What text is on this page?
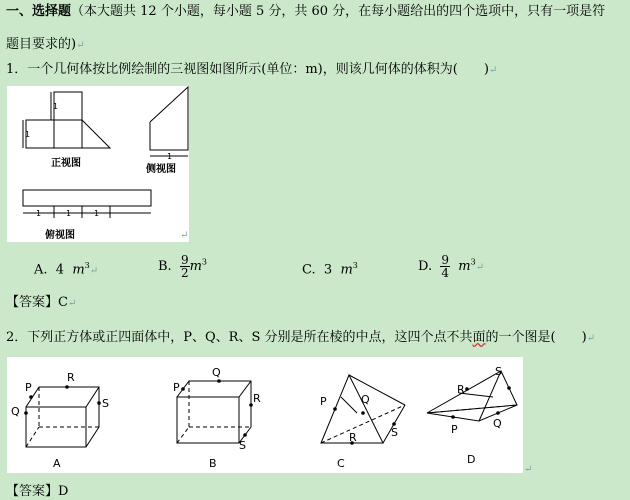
一、选择题（本大题共 12 个小题，每小题 5 分，共 60 分，在每小题给出的四个选项中，只有一项是符
题目要求的)↵
1．一个几何体按比例绘制的三视图如图所示(单位：m)，则该几何体的体积为(　　)↵
1
1
1
1	1	1
正视图
侧视图
俯视图	↵
A. 4 $m^3↵$	B. $\frac{9}{2} m^3$
C. 3 $m^3$	D. $\frac{9}{4}$ $m^3↵$
【答案】C↵
2．下列正方体或正四面体中，P、Q、R、S 分别是所在棱的中点，这四个点不共面的一个图是(　　)↵
P
R
Q
S
P
Q
R
S
P	Q
R	S
R
S
P	Q
A	B	C	D
↵
【答案】D
